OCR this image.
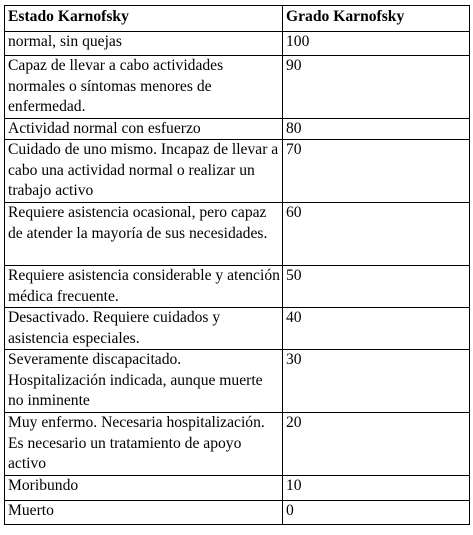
Estado Karnofsky	Grado Karnofsky
normal, sin quejas	100
Capaz de llevar a cabo actividades normales o síntomas menores de enfermedad.	90
Actividad normal con esfuerzo	80
Cuidado de uno mismo. Incapaz de llevar a cabo una actividad normal o realizar un trabajo activo	70
Requiere asistencia ocasional, pero capaz de atender la mayoría de sus necesidades.	60
Requiere asistencia considerable y atención médica frecuente.	50
Desactivado. Requiere cuidados y asistencia especiales.	40
Severamente discapacitado. Hospitalización indicada, aunque muerte no inminente	30
Muy enfermo. Necesaria hospitalización. Es necesario un tratamiento de apoyo activo	20
Moribundo	10
Muerto	0
